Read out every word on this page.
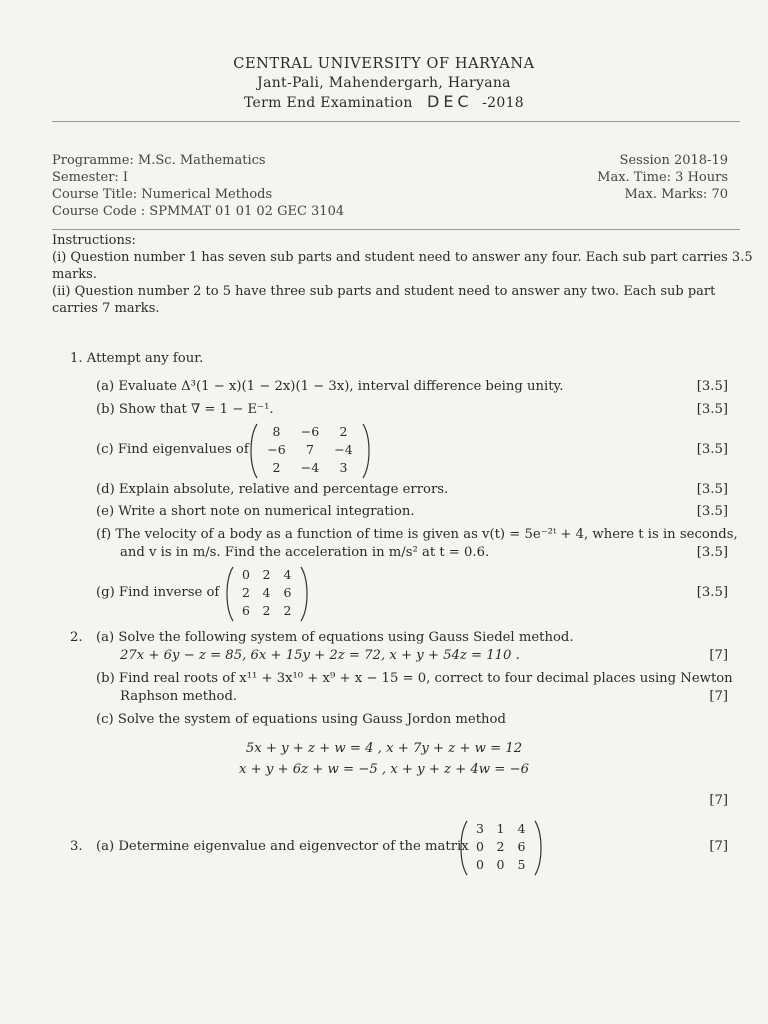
CENTRAL UNIVERSITY OF HARYANA
Jant-Pali, Mahendergarh, Haryana
Term End Examination DEC -2018
Programme: M.Sc. Mathematics
Semester: I
Course Title: Numerical Methods
Course Code : SPMMAT 01 01 02 GEC 3104
Session 2018-19
Max. Time: 3 Hours
Max. Marks: 70
Instructions:
(i) Question number 1 has seven sub parts and student need to answer any four. Each sub part carries 3.5
marks.
(ii) Question number 2 to 5 have three sub parts and student need to answer any two. Each sub part
carries 7 marks.
1. Attempt any four.
(a) Evaluate Δ³(1 − x)(1 − 2x)(1 − 3x), interval difference being unity.	[3.5]
(b) Show that ∇ = 1 − E⁻¹.	[3.5]
(c) Find eigenvalues of
8	−6	2
−6	7	−4
2	−4	3
[3.5]
(d) Explain absolute, relative and percentage errors.	[3.5]
(e) Write a short note on numerical integration.	[3.5]
(f) The velocity of a body as a function of time is given as v(t) = 5e⁻²ᵗ + 4, where t is in seconds,
and v is in m/s. Find the acceleration in m/s² at t = 0.6.	[3.5]
(g) Find inverse of
0	2	4
2	4	6
6	2	2
[3.5]
2. (a) Solve the following system of equations using Gauss Siedel method.
27x + 6y − z = 85, 6x + 15y + 2z = 72, x + y + 54z = 110 .	[7]
(b) Find real roots of x¹¹ + 3x¹⁰ + x⁹ + x − 15 = 0, correct to four decimal places using Newton
Raphson method.	[7]
(c) Solve the system of equations using Gauss Jordon method
5x + y + z + w = 4 , x + 7y + z + w = 12
x + y + 6z + w = −5 , x + y + z + 4w = −6
[7]
3. (a) Determine eigenvalue and eigenvector of the matrix
3	1	4
0	2	6
0	0	5
[7]
